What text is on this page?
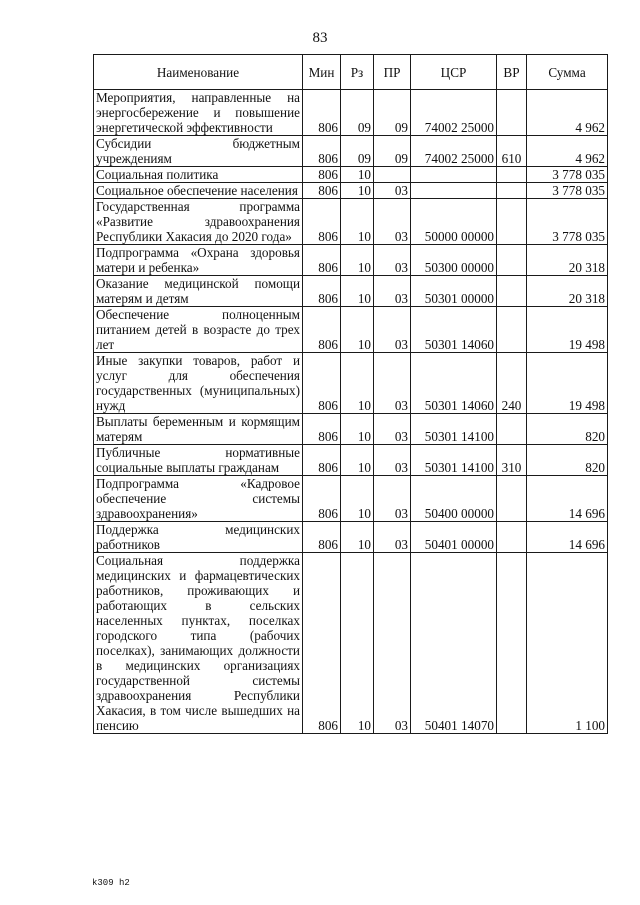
83
Наименование	Мин	Рз	ПР	ЦСР	ВР	Сумма
Мероприятия, направленные на энергосбережение и повышение энергетической эффективности	806	09	09	74002 25000		4 962
Субсидии бюджетным учреждениям	806	09	09	74002 25000	610	4 962
Социальная политика	806	10				3 778 035
Социальное обеспечение населения	806	10	03			3 778 035
Государственная программа «Развитие здравоохранения Республики Хакасия до 2020 года»	806	10	03	50000 00000		3 778 035
Подпрограмма «Охрана здоровья матери и ребенка»	806	10	03	50300 00000		20 318
Оказание медицинской помощи матерям и детям	806	10	03	50301 00000		20 318
Обеспечение полноценным питанием детей в возрасте до трех лет	806	10	03	50301 14060		19 498
Иные закупки товаров, работ и услуг для обеспечения государственных (муниципальных) нужд	806	10	03	50301 14060	240	19 498
Выплаты беременным и кормящим матерям	806	10	03	50301 14100		820
Публичные нормативные социальные выплаты гражданам	806	10	03	50301 14100	310	820
Подпрограмма «Кадровое обеспечение системы здравоохранения»	806	10	03	50400 00000		14 696
Поддержка медицинских работников	806	10	03	50401 00000		14 696
Социальная поддержка медицинских и фармацевтических работников, проживающих и работающих в сельских населенных пунктах, поселках городского типа (рабочих поселках), занимающих должности в медицинских организациях государственной системы здравоохранения Республики Хакасия, в том числе вышедших на пенсию	806	10	03	50401 14070		1 100
k309 h2
